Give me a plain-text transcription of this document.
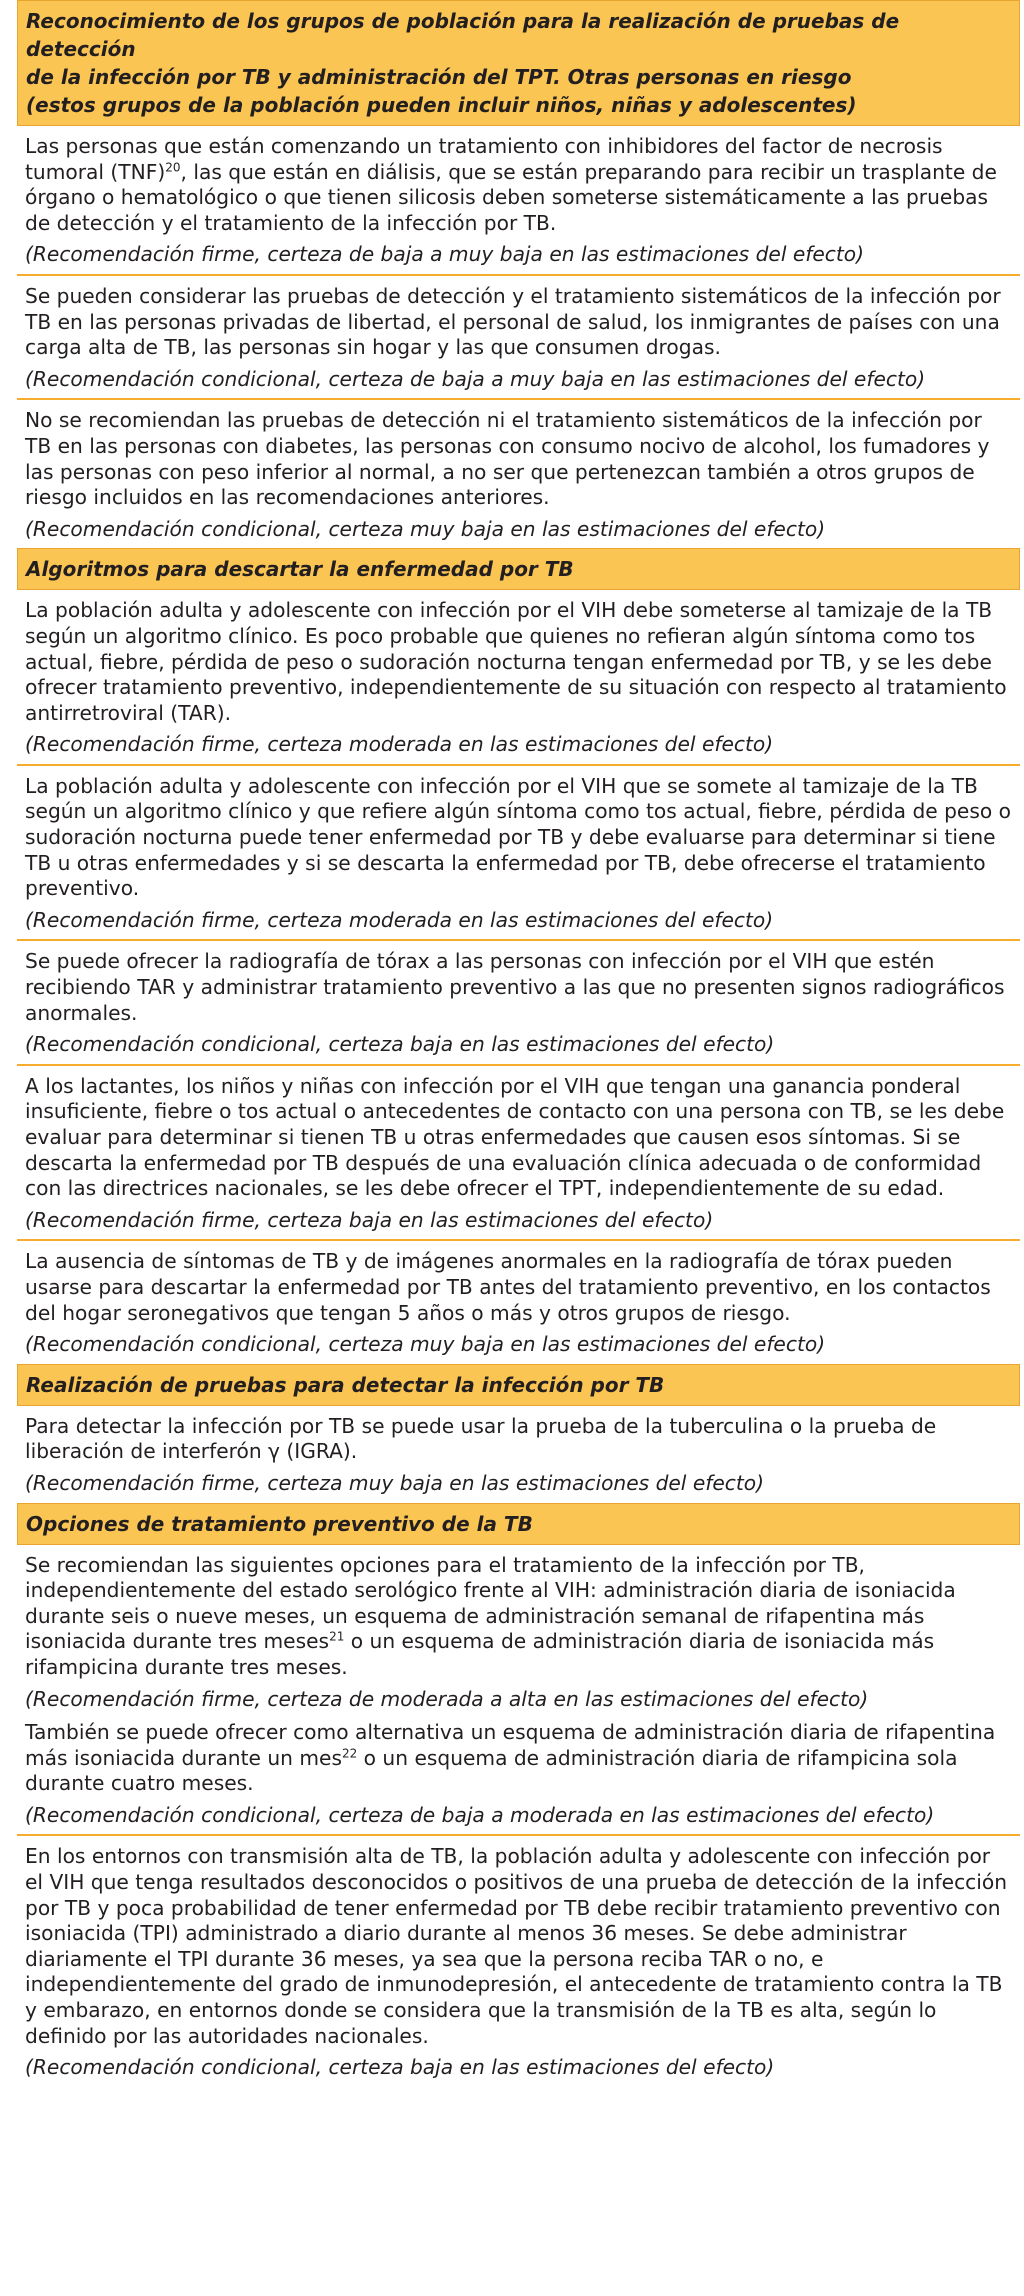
Reconocimiento de los grupos de población para la realización de pruebas de detección
de la infección por TB y administración del TPT. Otras personas en riesgo
(estos grupos de la población pueden incluir niños, niñas y adolescentes)

Las personas que están comenzando un tratamiento con inhibidores del factor de necrosis tumoral (TNF)$^{20}$, las que están en diálisis, que se están preparando para recibir un trasplante de órgano o hematológico o que tienen silicosis deben someterse sistemáticamente a las pruebas de detección y el tratamiento de la infección por TB.

(Recomendación firme, certeza de baja a muy baja en las estimaciones del efecto)

Se pueden considerar las pruebas de detección y el tratamiento sistemáticos de la infección por TB en las personas privadas de libertad, el personal de salud, los inmigrantes de países con una carga alta de TB, las personas sin hogar y las que consumen drogas.

(Recomendación condicional, certeza de baja a muy baja en las estimaciones del efecto)

No se recomiendan las pruebas de detección ni el tratamiento sistemáticos de la infección por TB en las personas con diabetes, las personas con consumo nocivo de alcohol, los fumadores y las personas con peso inferior al normal, a no ser que pertenezcan también a otros grupos de riesgo incluidos en las recomendaciones anteriores.

(Recomendación condicional, certeza muy baja en las estimaciones del efecto)

Algoritmos para descartar la enfermedad por TB

La población adulta y adolescente con infección por el VIH debe someterse al tamizaje de la TB según un algoritmo clínico. Es poco probable que quienes no refieran algún síntoma como tos actual, fiebre, pérdida de peso o sudoración nocturna tengan enfermedad por TB, y se les debe ofrecer tratamiento preventivo, independientemente de su situación con respecto al tratamiento antirretroviral (TAR).

(Recomendación firme, certeza moderada en las estimaciones del efecto)

La población adulta y adolescente con infección por el VIH que se somete al tamizaje de la TB según un algoritmo clínico y que refiere algún síntoma como tos actual, fiebre, pérdida de peso o sudoración nocturna puede tener enfermedad por TB y debe evaluarse para determinar si tiene TB u otras enfermedades y si se descarta la enfermedad por TB, debe ofrecerse el tratamiento preventivo.

(Recomendación firme, certeza moderada en las estimaciones del efecto)

Se puede ofrecer la radiografía de tórax a las personas con infección por el VIH que estén recibiendo TAR y administrar tratamiento preventivo a las que no presenten signos radiográficos anormales.

(Recomendación condicional, certeza baja en las estimaciones del efecto)

A los lactantes, los niños y niñas con infección por el VIH que tengan una ganancia ponderal insuficiente, fiebre o tos actual o antecedentes de contacto con una persona con TB, se les debe evaluar para determinar si tienen TB u otras enfermedades que causen esos síntomas. Si se descarta la enfermedad por TB después de una evaluación clínica adecuada o de conformidad con las directrices nacionales, se les debe ofrecer el TPT, independientemente de su edad.

(Recomendación firme, certeza baja en las estimaciones del efecto)

La ausencia de síntomas de TB y de imágenes anormales en la radiografía de tórax pueden usarse para descartar la enfermedad por TB antes del tratamiento preventivo, en los contactos del hogar seronegativos que tengan 5 años o más y otros grupos de riesgo.

(Recomendación condicional, certeza muy baja en las estimaciones del efecto)

Realización de pruebas para detectar la infección por TB

Para detectar la infección por TB se puede usar la prueba de la tuberculina o la prueba de liberación de interferón γ (IGRA).

(Recomendación firme, certeza muy baja en las estimaciones del efecto)

Opciones de tratamiento preventivo de la TB

Se recomiendan las siguientes opciones para el tratamiento de la infección por TB, independientemente del estado serológico frente al VIH: administración diaria de isoniacida durante seis o nueve meses, un esquema de administración semanal de rifapentina más isoniacida durante tres meses$^{21}$ o un esquema de administración diaria de isoniacida más rifampicina durante tres meses.

(Recomendación firme, certeza de moderada a alta en las estimaciones del efecto)

También se puede ofrecer como alternativa un esquema de administración diaria de rifapentina más isoniacida durante un mes$^{22}$ o un esquema de administración diaria de rifampicina sola durante cuatro meses.

(Recomendación condicional, certeza de baja a moderada en las estimaciones del efecto)

En los entornos con transmisión alta de TB, la población adulta y adolescente con infección por el VIH que tenga resultados desconocidos o positivos de una prueba de detección de la infección por TB y poca probabilidad de tener enfermedad por TB debe recibir tratamiento preventivo con isoniacida (TPI) administrado a diario durante al menos 36 meses. Se debe administrar diariamente el TPI durante 36 meses, ya sea que la persona reciba TAR o no, e independientemente del grado de inmunodepresión, el antecedente de tratamiento contra la TB y embarazo, en entornos donde se considera que la transmisión de la TB es alta, según lo definido por las autoridades nacionales.

(Recomendación condicional, certeza baja en las estimaciones del efecto)
